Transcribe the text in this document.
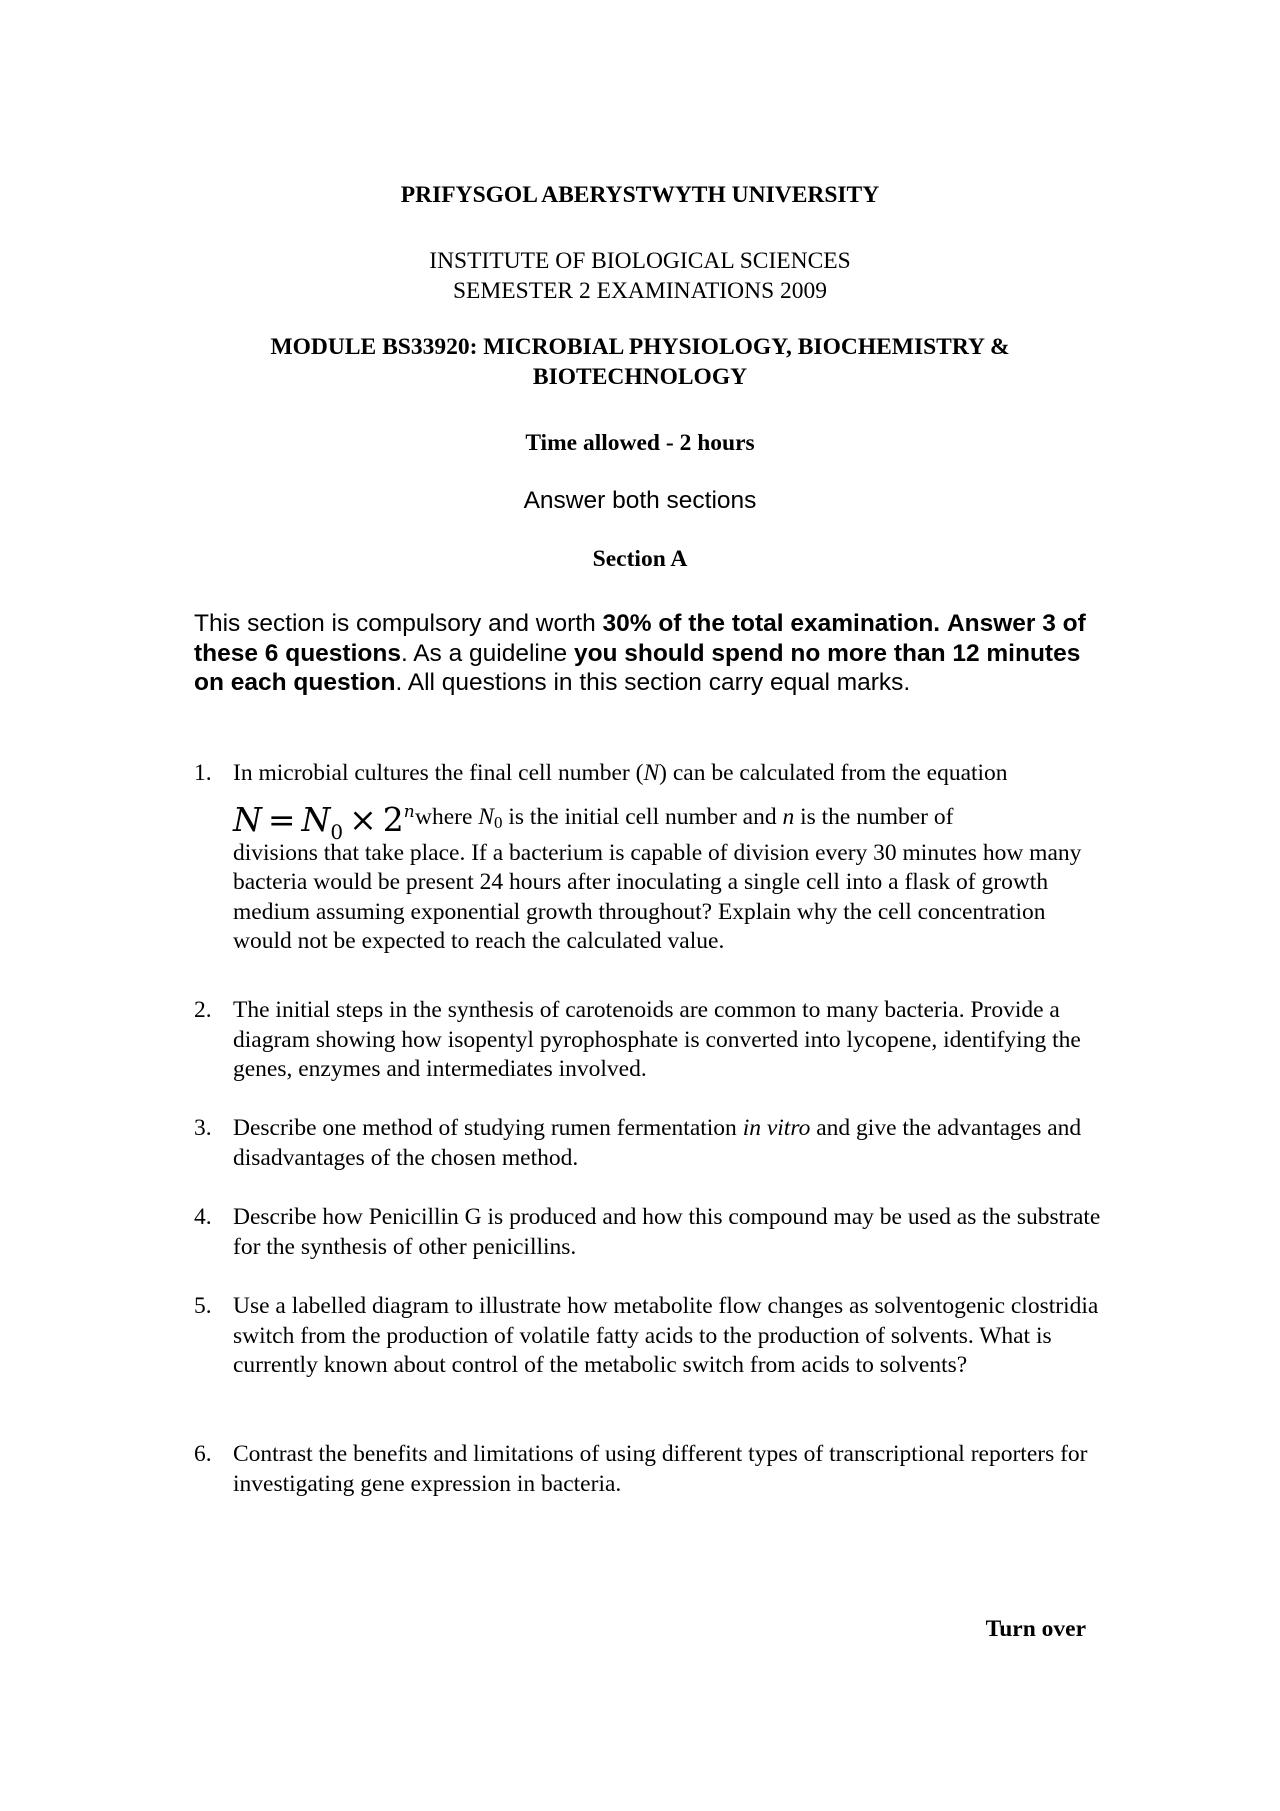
PRIFYSGOL ABERYSTWYTH UNIVERSITY
INSTITUTE OF BIOLOGICAL SCIENCES
SEMESTER 2 EXAMINATIONS 2009
MODULE BS33920: MICROBIAL PHYSIOLOGY, BIOCHEMISTRY &
BIOTECHNOLOGY
Time allowed - 2 hours
Answer both sections
Section A
This section is compulsory and worth 30% of the total examination. Answer 3 of these 6 questions. As a guideline you should spend no more than 12 minutes on each question. All questions in this section carry equal marks.
1. In microbial cultures the final cell number (N) can be calculated from the equation
$N = N_0 \times 2^n$ where N0 is the initial cell number and n is the number of
divisions that take place. If a bacterium is capable of division every 30 minutes how many bacteria would be present 24 hours after inoculating a single cell into a flask of growth medium assuming exponential growth throughout? Explain why the cell concentration would not be expected to reach the calculated value.
2. The initial steps in the synthesis of carotenoids are common to many bacteria. Provide a diagram showing how isopentyl pyrophosphate is converted into lycopene, identifying the genes, enzymes and intermediates involved.
3. Describe one method of studying rumen fermentation in vitro and give the advantages and disadvantages of the chosen method.
4. Describe how Penicillin G is produced and how this compound may be used as the substrate for the synthesis of other penicillins.
5. Use a labelled diagram to illustrate how metabolite flow changes as solventogenic clostridia switch from the production of volatile fatty acids to the production of solvents. What is currently known about control of the metabolic switch from acids to solvents?
6. Contrast the benefits and limitations of using different types of transcriptional reporters for investigating gene expression in bacteria.
Turn over
